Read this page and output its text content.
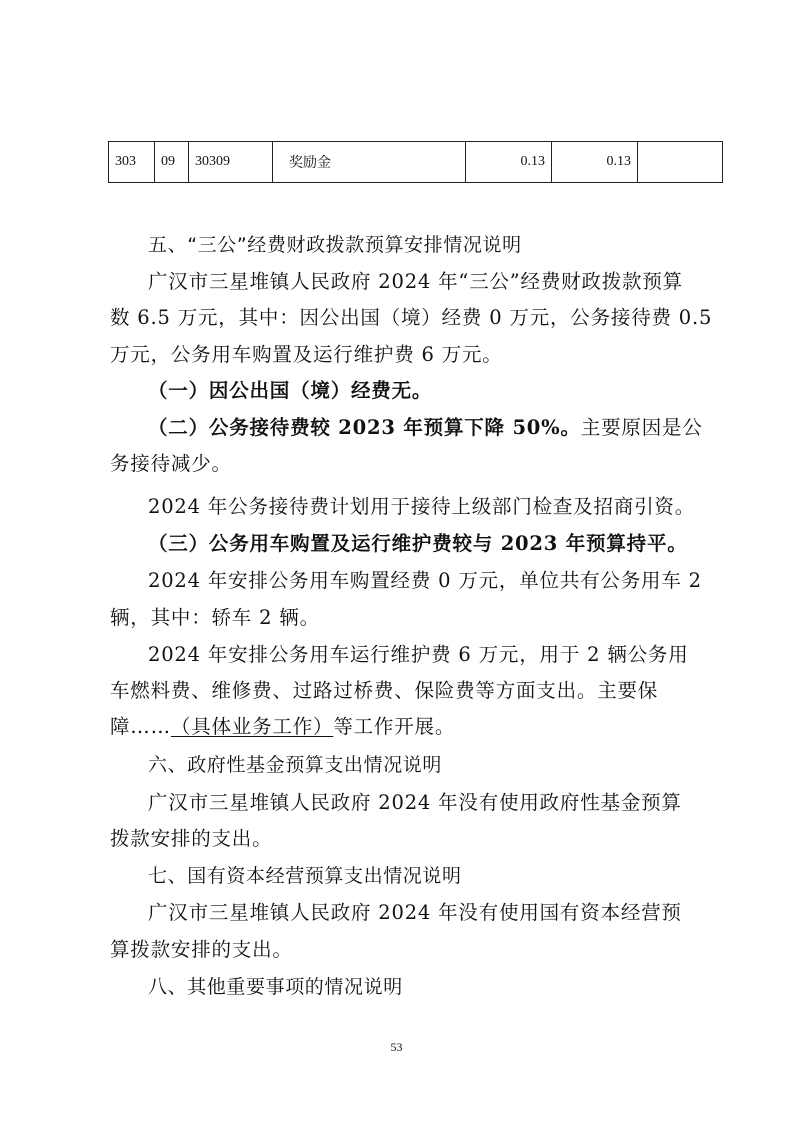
303	09	30309	奖励金	0.13	0.13	

五、“三公”经费财政拨款预算安排情况说明

广汉市三星堆镇人民政府 2024 年“三公”经费财政拨款预算

数 6.5 万元，其中：因公出国（境）经费 0 万元，公务接待费 0.5

万元，公务用车购置及运行维护费 6 万元。

（一）因公出国（境）经费无。

（二）公务接待费较 2023 年预算下降 50%。主要原因是公

务接待减少。

2024 年公务接待费计划用于接待上级部门检查及招商引资。

（三）公务用车购置及运行维护费较与 2023 年预算持平。

2024 年安排公务用车购置经费 0 万元，单位共有公务用车 2

辆，其中：轿车 2 辆。

2024 年安排公务用车运行维护费 6 万元，用于 2 辆公务用

车燃料费、维修费、过路过桥费、保险费等方面支出。主要保

障……（具体业务工作）等工作开展。

六、政府性基金预算支出情况说明

广汉市三星堆镇人民政府 2024 年没有使用政府性基金预算

拨款安排的支出。

七、国有资本经营预算支出情况说明

广汉市三星堆镇人民政府 2024 年没有使用国有资本经营预

算拨款安排的支出。

八、其他重要事项的情况说明

53
